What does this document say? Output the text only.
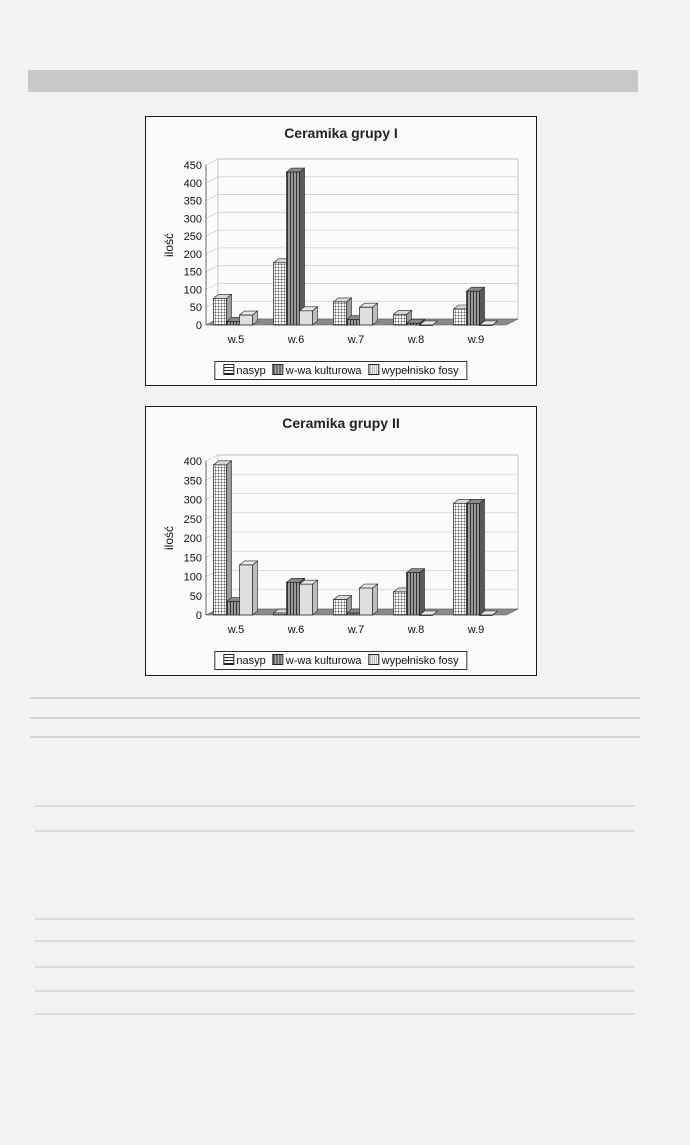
Ceramika grupy I
0
50
100
150
200
250
300
350
400
450
ilość
w.5	w.6	w.7	w.8	w.9
nasyp w-wa kulturowa wypełnisko fosy
Ceramika grupy II
0
50
100
150
200
250
300
350
400
ilość
w.5	w.6	w.7	w.8	w.9
nasyp w-wa kulturowa wypełnisko fosy
